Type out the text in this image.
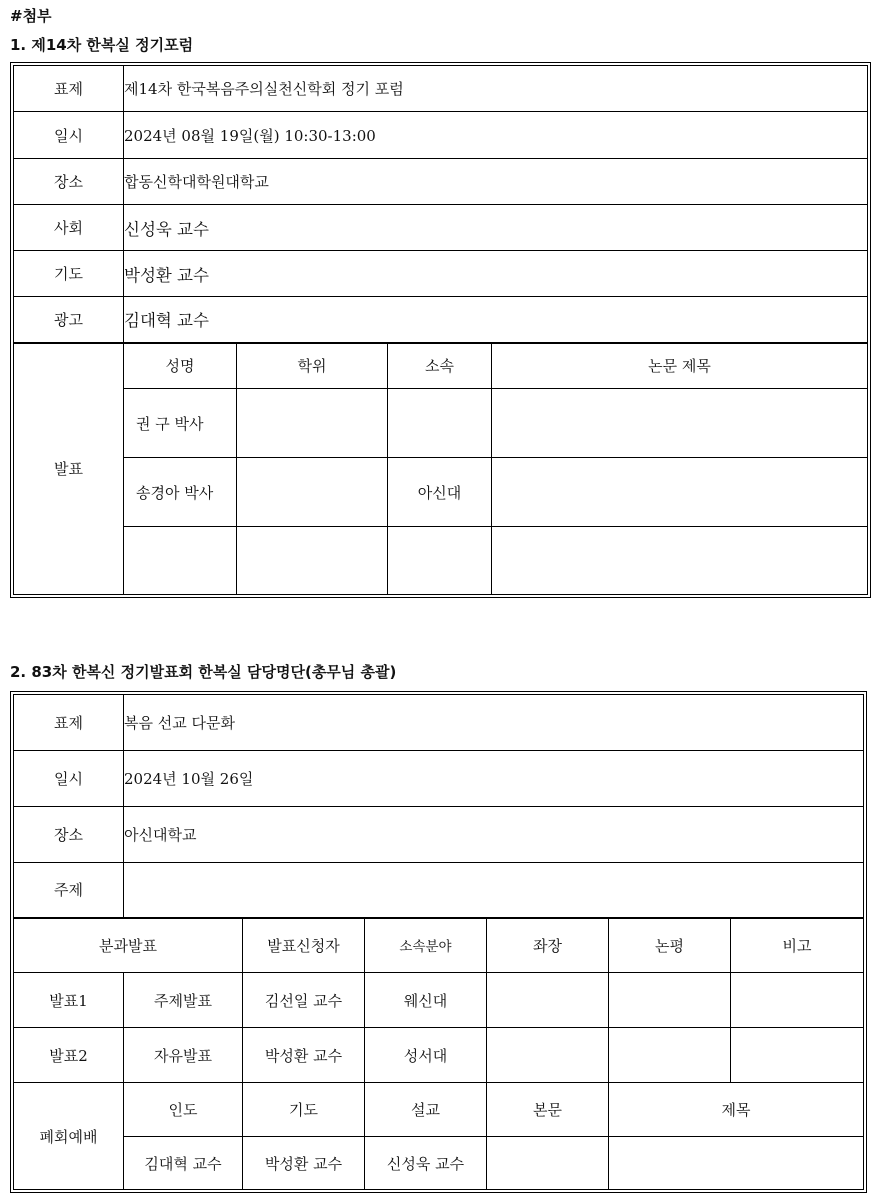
#첨부
1. 제14차 한복실 정기포럼
표제	제14차 한국복음주의실천신학회 정기 포럼			
일시	2024년 08월 19일(월) 10:30-13:00			
장소	합동신학대학원대학교			
사회	신성욱 교수			
기도	박성환 교수			
광고	김대혁 교수			
발표	성명	학위	소속	논문 제목
	권 구 박사			
	송경아 박사		아신대	

2. 83차 한복신 정기발표회 한복실 담당명단(총무님 총괄)
표제	복음 선교 다문화					
일시	2024년 10월 26일					
장소	아신대학교					
주제						
분과발표		발표신청자	소속분야	좌장	논평	비고
발표1	주제발표	김선일 교수	웨신대			
발표2	자유발표	박성환 교수	성서대			
폐회예배	인도	기도	설교	본문	제목	
	김대혁 교수	박성환 교수	신성욱 교수			
